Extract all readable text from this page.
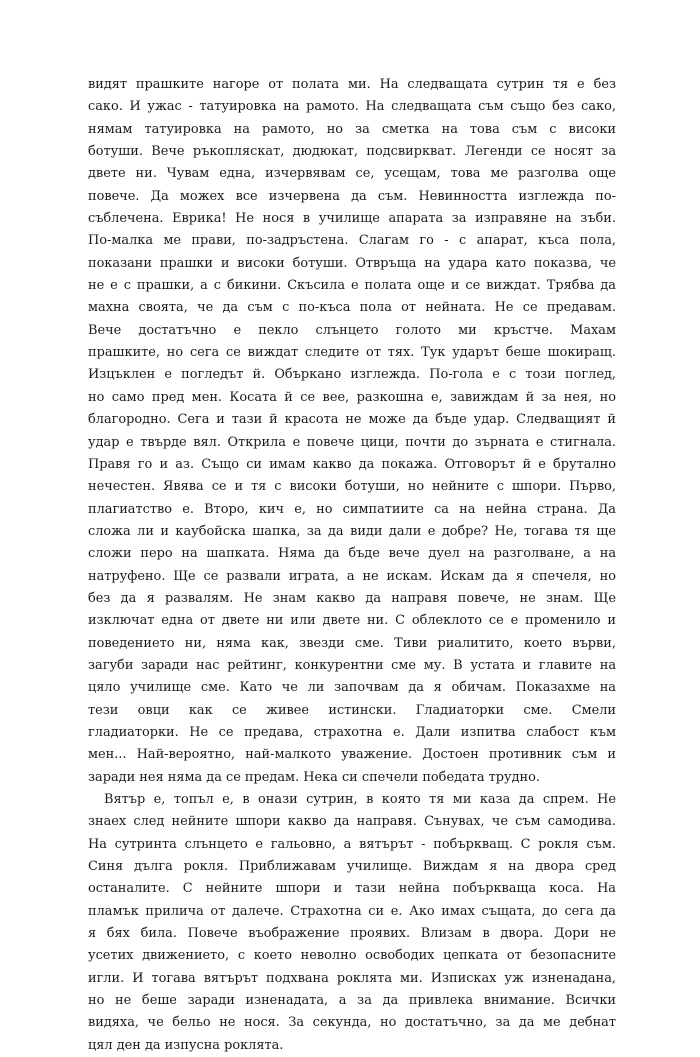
видят прашките нагоре от полата ми. На следващата сутрин тя е без
сако. И ужас - татуировка на рамото. На следващата съм също без сако,
нямам татуировка на рамото, но за сметка на това съм с високи
ботуши. Вече ръкопляскат, дюдюкат, подсвиркват. Легенди се носят за
двете ни. Чувам една, изчервявам се, усещам, това ме разголва още
повече. Да можех все изчервена да съм. Невинността изглежда по-
съблечена. Еврика! Не нося в училище апарата за изправяне на зъби.
По-малка ме прави, по-задръстена. Слагам го - с апарат, къса пола,
показани прашки и високи ботуши. Отвръща на удара като показва, че
не е с прашки, а с бикини. Скъсила е полата още и се виждат. Трябва да
махна своята, че да съм с по-къса пола от нейната. Не се предавам.
Вече достатъчно е пекло слънцето голото ми кръстче. Махам
прашките, но сега се виждат следите от тях. Тук ударът беше шокиращ.
Изцъклен е погледът й. Объркано изглежда. По-гола е с този поглед,
но само пред мен. Косата й се вее, разкошна е, завиждам й за нея, но
благородно. Сега и тази й красота не може да бъде удар. Следващият й
удар е твърде вял. Открила е повече цици, почти до зърната е стигнала.
Правя го и аз. Също си имам какво да покажа. Отговорът й е брутално
нечестен. Явява се и тя с високи ботуши, но нейните с шпори. Първо,
плагиатство е. Второ, кич е, но симпатиите са на нейна страна. Да
сложа ли и каубойска шапка, за да види дали е добре? Не, тогава тя ще
сложи перо на шапката. Няма да бъде вече дуел на разголване, а на
натруфено. Ще се развали играта, а не искам. Искам да я спечеля, но
без да я развалям. Не знам какво да направя повече, не знам. Ще
изключат една от двете ни или двете ни. С облеклото се е променило и
поведението ни, няма как, звезди сме. Тиви риалитито, което върви,
загуби заради нас рейтинг, конкурентни сме му. В устата и главите на
цяло училище сме. Като че ли започвам да я обичам. Показахме на
тези овци как се живее истински. Гладиаторки сме. Смели
гладиаторки. Не се предава, страхотна е. Дали изпитва слабост към
мен... Най-вероятно, най-малкото уважение. Достоен противник съм и
заради нея няма да се предам. Нека си спечели победата трудно.
Вятър е, топъл е, в онази сутрин, в която тя ми каза да спрем. Не
знаех след нейните шпори какво да направя. Сънувах, че съм самодива.
На сутринта слънцето е гальовно, а вятърът - побъркващ. С рокля съм.
Синя дълга рокля. Приближавам училище. Виждам я на двора сред
останалите. С нейните шпори и тази нейна побъркваща коса. На
пламък прилича от далече. Страхотна си е. Ако имах същата, до сега да
я бях била. Повече въображение проявих. Влизам в двора. Дори не
усетих движението, с което неволно освободих цепката от безопасните
игли. И тогава вятърът подхвана роклята ми. Изписках уж изненадана,
но не беше заради изненадата, а за да привлека внимание. Всички
видяха, че бельо не нося. За секунда, но достатъчно, за да ме дебнат
цял ден да изпусна роклята.
